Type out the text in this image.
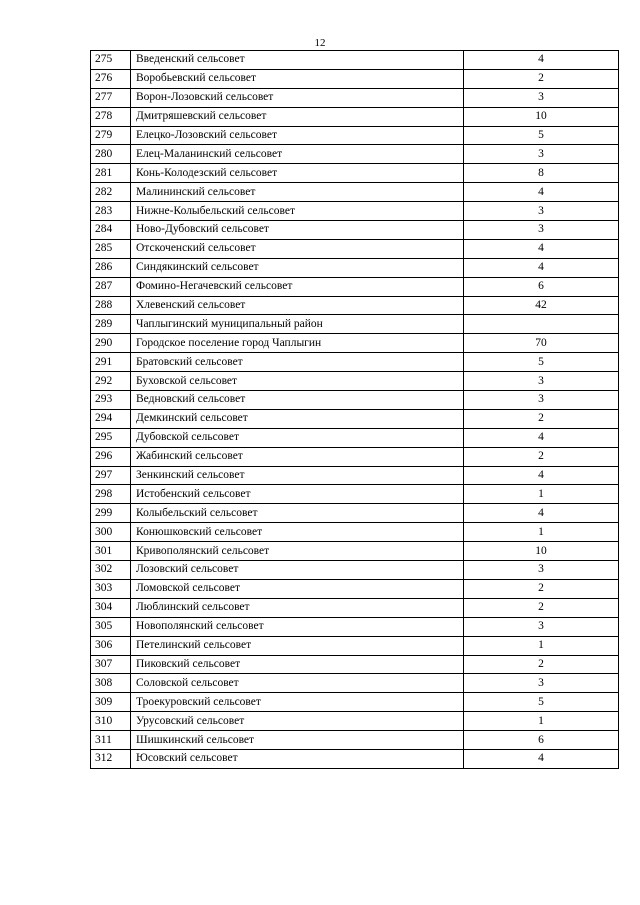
12
275	Введенский сельсовет	4
276	Воробьевский сельсовет	2
277	Ворон-Лозовский сельсовет	3
278	Дмитряшевский сельсовет	10
279	Елецко-Лозовский сельсовет	5
280	Елец-Маланинский сельсовет	3
281	Конь-Колодезский сельсовет	8
282	Малининский сельсовет	4
283	Нижне-Колыбельский сельсовет	3
284	Ново-Дубовский сельсовет	3
285	Отскоченский сельсовет	4
286	Синдякинский сельсовет	4
287	Фомино-Негачевский сельсовет	6
288	Хлевенский сельсовет	42
289	Чаплыгинский муниципальный район	
290	Городское поселение город Чаплыгин	70
291	Братовский сельсовет	5
292	Буховской сельсовет	3
293	Ведновский сельсовет	3
294	Демкинский сельсовет	2
295	Дубовской сельсовет	4
296	Жабинский сельсовет	2
297	Зенкинский сельсовет	4
298	Истобенский сельсовет	1
299	Колыбельский сельсовет	4
300	Конюшковский сельсовет	1
301	Кривополянский сельсовет	10
302	Лозовский сельсовет	3
303	Ломовской сельсовет	2
304	Люблинский сельсовет	2
305	Новополянский сельсовет	3
306	Петелинский сельсовет	1
307	Пиковский сельсовет	2
308	Соловской сельсовет	3
309	Троекуровский сельсовет	5
310	Урусовский сельсовет	1
311	Шишкинский сельсовет	6
312	Юсовский сельсовет	4
